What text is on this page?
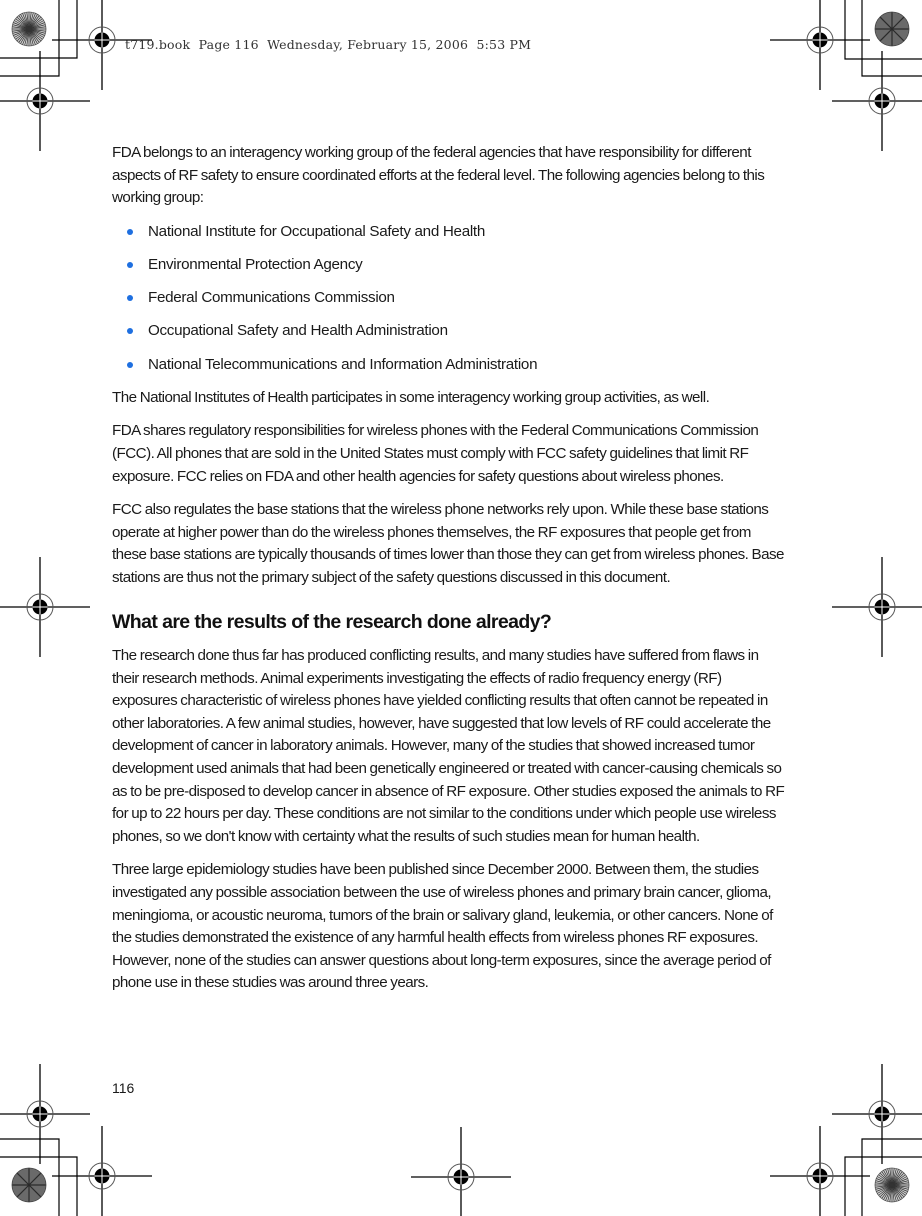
t719.book  Page 116  Wednesday, February 15, 2006  5:53 PM

FDA belongs to an interagency working group of the federal agencies that have responsibility for different aspects of RF safety to ensure coordinated efforts at the federal level. The following agencies belong to this working group:

National Institute for Occupational Safety and Health
Environmental Protection Agency
Federal Communications Commission
Occupational Safety and Health Administration
National Telecommunications and Information Administration

The National Institutes of Health participates in some interagency working group activities, as well.

FDA shares regulatory responsibilities for wireless phones with the Federal Communications Commission (FCC). All phones that are sold in the United States must comply with FCC safety guidelines that limit RF exposure. FCC relies on FDA and other health agencies for safety questions about wireless phones.

FCC also regulates the base stations that the wireless phone networks rely upon. While these base stations operate at higher power than do the wireless phones themselves, the RF exposures that people get from these base stations are typically thousands of times lower than those they can get from wireless phones. Base stations are thus not the primary subject of the safety questions discussed in this document.

What are the results of the research done already?

The research done thus far has produced conflicting results, and many studies have suffered from flaws in their research methods. Animal experiments investigating the effects of radio frequency energy (RF) exposures characteristic of wireless phones have yielded conflicting results that often cannot be repeated in other laboratories. A few animal studies, however, have suggested that low levels of RF could accelerate the development of cancer in laboratory animals. However, many of the studies that showed increased tumor development used animals that had been genetically engineered or treated with cancer-causing chemicals so as to be pre-disposed to develop cancer in absence of RF exposure. Other studies exposed the animals to RF for up to 22 hours per day. These conditions are not similar to the conditions under which people use wireless phones, so we don't know with certainty what the results of such studies mean for human health.

Three large epidemiology studies have been published since December 2000. Between them, the studies investigated any possible association between the use of wireless phones and primary brain cancer, glioma, meningioma, or acoustic neuroma, tumors of the brain or salivary gland, leukemia, or other cancers. None of the studies demonstrated the existence of any harmful health effects from wireless phones RF exposures. However, none of the studies can answer questions about long-term exposures, since the average period of phone use in these studies was around three years.

116
